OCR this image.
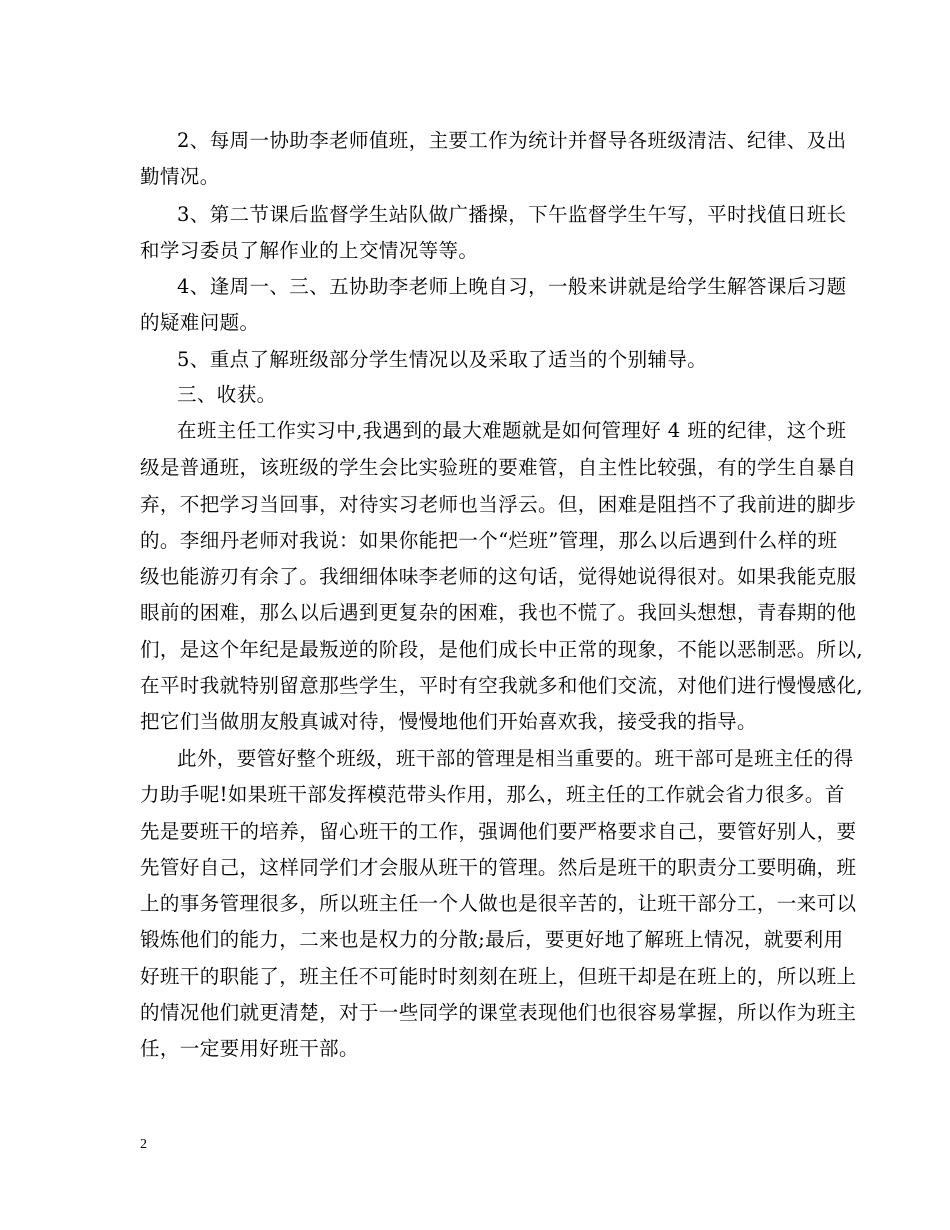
2、每周一协助李老师值班，主要工作为统计并督导各班级清洁、纪律、及出
勤情况。
3、第二节课后监督学生站队做广播操，下午监督学生午写，平时找值日班长
和学习委员了解作业的上交情况等等。
4、逢周一、三、五协助李老师上晚自习，一般来讲就是给学生解答课后习题
的疑难问题。
5、重点了解班级部分学生情况以及采取了适当的个别辅导。
三、收获。
在班主任工作实习中,我遇到的最大难题就是如何管理好 4 班的纪律，这个班
级是普通班，该班级的学生会比实验班的要难管，自主性比较强，有的学生自暴自
弃，不把学习当回事，对待实习老师也当浮云。但，困难是阻挡不了我前进的脚步
的。李细丹老师对我说：如果你能把一个“烂班”管理，那么以后遇到什么样的班
级也能游刃有余了。我细细体味李老师的这句话，觉得她说得很对。如果我能克服
眼前的困难，那么以后遇到更复杂的困难，我也不慌了。我回头想想，青春期的他
们，是这个年纪是最叛逆的阶段，是他们成长中正常的现象，不能以恶制恶。所以,
在平时我就特别留意那些学生，平时有空我就多和他们交流，对他们进行慢慢感化,
把它们当做朋友般真诚对待，慢慢地他们开始喜欢我，接受我的指导。
此外，要管好整个班级，班干部的管理是相当重要的。班干部可是班主任的得
力助手呢!如果班干部发挥模范带头作用，那么，班主任的工作就会省力很多。首
先是要班干的培养，留心班干的工作，强调他们要严格要求自己，要管好别人，要
先管好自己，这样同学们才会服从班干的管理。然后是班干的职责分工要明确，班
上的事务管理很多，所以班主任一个人做也是很辛苦的，让班干部分工，一来可以
锻炼他们的能力，二来也是权力的分散;最后，要更好地了解班上情况，就要利用
好班干的职能了，班主任不可能时时刻刻在班上，但班干却是在班上的，所以班上
的情况他们就更清楚，对于一些同学的课堂表现他们也很容易掌握，所以作为班主
任，一定要用好班干部。
2
